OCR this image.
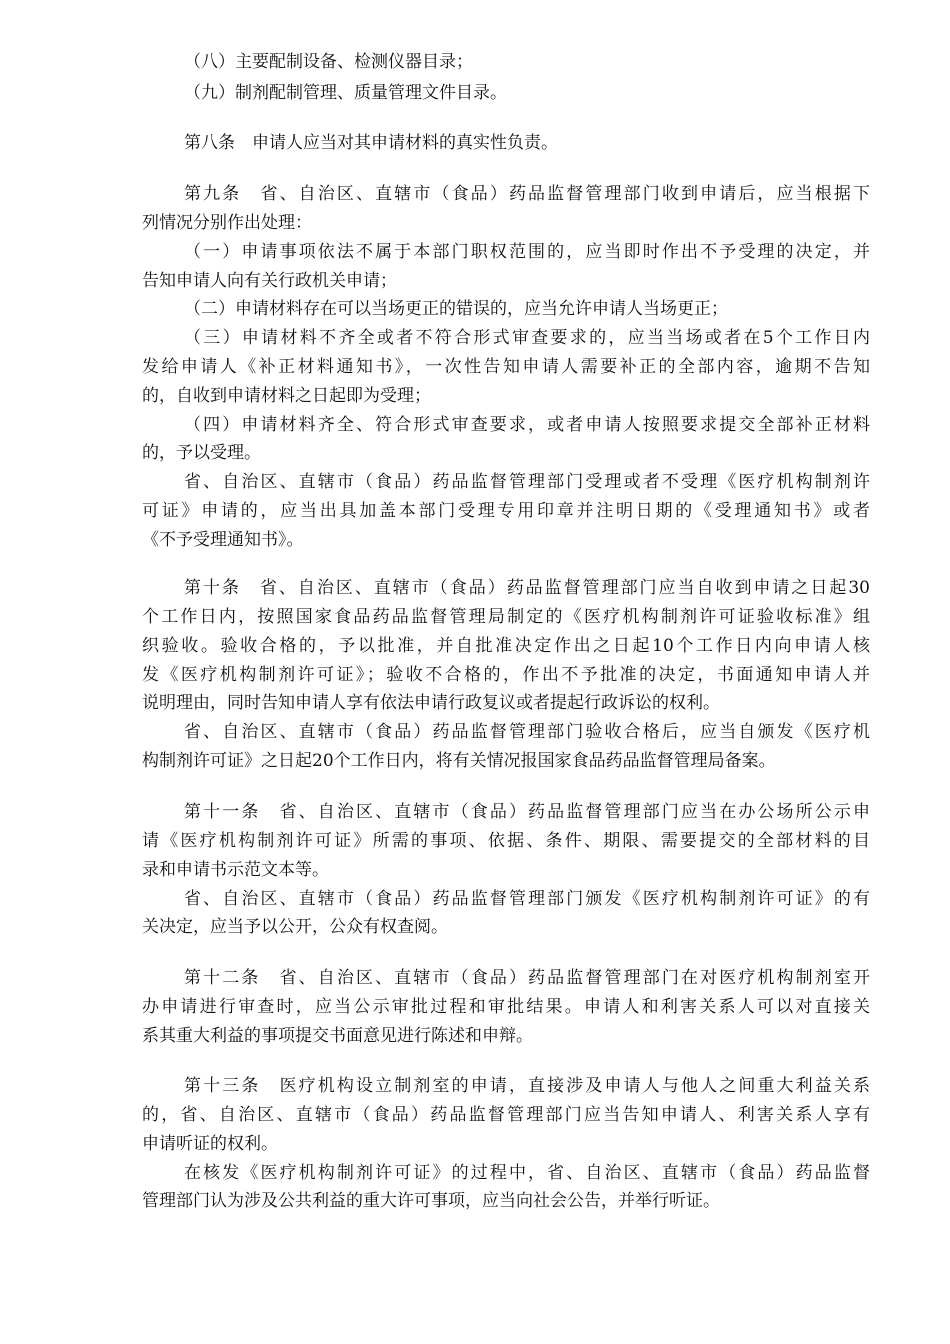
（八）主要配制设备、检测仪器目录；
（九）制剂配制管理、质量管理文件目录。
第八条　申请人应当对其申请材料的真实性负责。
第九条　省、自治区、直辖市（食品）药品监督管理部门收到申请后，应当根据下
列情况分别作出处理：
（一）申请事项依法不属于本部门职权范围的，应当即时作出不予受理的决定，并
告知申请人向有关行政机关申请；
（二）申请材料存在可以当场更正的错误的，应当允许申请人当场更正；
（三）申请材料不齐全或者不符合形式审查要求的，应当当场或者在5个工作日内
发给申请人《补正材料通知书》，一次性告知申请人需要补正的全部内容，逾期不告知
的，自收到申请材料之日起即为受理；
（四）申请材料齐全、符合形式审查要求，或者申请人按照要求提交全部补正材料
的，予以受理。
省、自治区、直辖市（食品）药品监督管理部门受理或者不受理《医疗机构制剂许
可证》申请的，应当出具加盖本部门受理专用印章并注明日期的《受理通知书》或者
《不予受理通知书》。
第十条　省、自治区、直辖市（食品）药品监督管理部门应当自收到申请之日起30
个工作日内，按照国家食品药品监督管理局制定的《医疗机构制剂许可证验收标准》组
织验收。验收合格的，予以批准，并自批准决定作出之日起10个工作日内向申请人核
发《医疗机构制剂许可证》；验收不合格的，作出不予批准的决定，书面通知申请人并
说明理由，同时告知申请人享有依法申请行政复议或者提起行政诉讼的权利。
省、自治区、直辖市（食品）药品监督管理部门验收合格后，应当自颁发《医疗机
构制剂许可证》之日起20个工作日内，将有关情况报国家食品药品监督管理局备案。
第十一条　省、自治区、直辖市（食品）药品监督管理部门应当在办公场所公示申
请《医疗机构制剂许可证》所需的事项、依据、条件、期限、需要提交的全部材料的目
录和申请书示范文本等。
省、自治区、直辖市（食品）药品监督管理部门颁发《医疗机构制剂许可证》的有
关决定，应当予以公开，公众有权查阅。
第十二条　省、自治区、直辖市（食品）药品监督管理部门在对医疗机构制剂室开
办申请进行审查时，应当公示审批过程和审批结果。申请人和利害关系人可以对直接关
系其重大利益的事项提交书面意见进行陈述和申辩。
第十三条　医疗机构设立制剂室的申请，直接涉及申请人与他人之间重大利益关系
的，省、自治区、直辖市（食品）药品监督管理部门应当告知申请人、利害关系人享有
申请听证的权利。
在核发《医疗机构制剂许可证》的过程中，省、自治区、直辖市（食品）药品监督
管理部门认为涉及公共利益的重大许可事项，应当向社会公告，并举行听证。
